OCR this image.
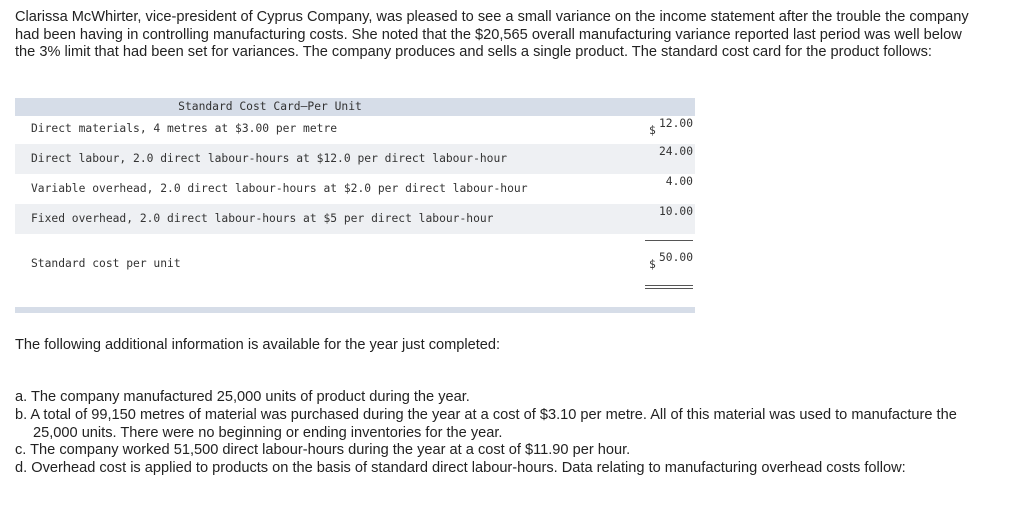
Clarissa McWhirter, vice-president of Cyprus Company, was pleased to see a small variance on the income statement after the trouble the company had been having in controlling manufacturing costs. She noted that the $20,565 overall manufacturing variance reported last period was well below the 3% limit that had been set for variances. The company produces and sells a single product. The standard cost card for the product follows:

Standard Cost Card—Per Unit
Direct materials, 4 metres at $3.00 per metre	$
12.00
Direct labour, 2.0 direct labour-hours at $12.0 per direct labour-hour
24.00
Variable overhead, 2.0 direct labour-hours at $2.0 per direct labour-hour
4.00
Fixed overhead, 2.0 direct labour-hours at $5 per direct labour-hour
10.00
Standard cost per unit	$
50.00

The following additional information is available for the year just completed:

a. The company manufactured 25,000 units of product during the year.
b. A total of 99,150 metres of material was purchased during the year at a cost of $3.10 per metre. All of this material was used to manufacture the 25,000 units. There were no beginning or ending inventories for the year.
c. The company worked 51,500 direct labour-hours during the year at a cost of $11.90 per hour.
d. Overhead cost is applied to products on the basis of standard direct labour-hours. Data relating to manufacturing overhead costs follow:
